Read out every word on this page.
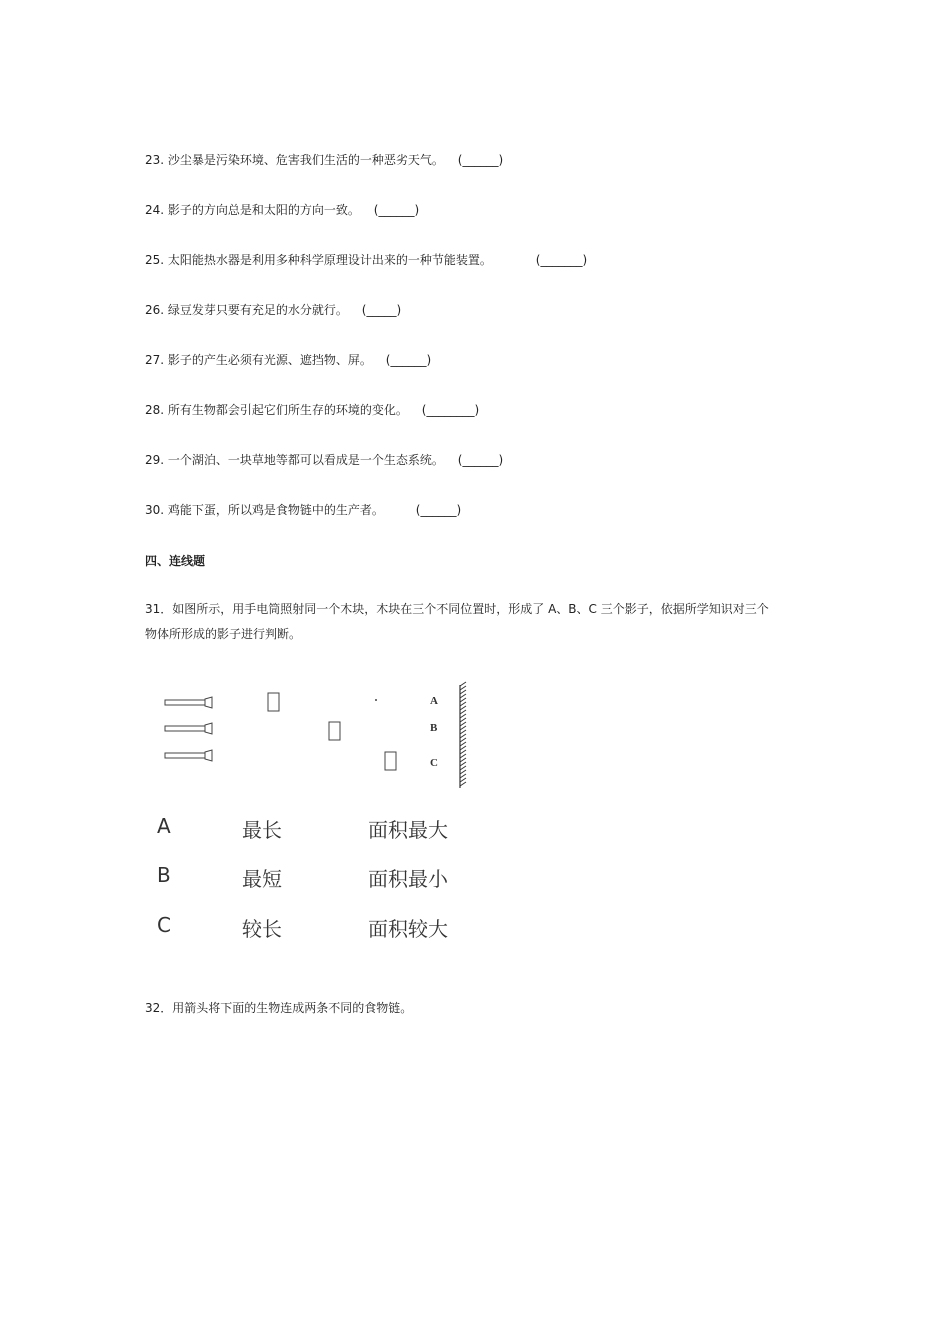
23. 沙尘暴是污染环境、危害我们生活的一种恶劣天气。 (______)
24. 影子的方向总是和太阳的方向一致。 (______)
25. 太阳能热水器是利用多种科学原理设计出来的一种节能装置。	(_______)
26. 绿豆发芽只要有充足的水分就行。 (_____)
27. 影子的产生必须有光源、遮挡物、屏。 (______)
28. 所有生物都会引起它们所生存的环境的变化。 (________)
29. 一个湖泊、一块草地等都可以看成是一个生态系统。 (______)
30. 鸡能下蛋，所以鸡是食物链中的生产者。	(______)
四、连线题
31．如图所示，用手电筒照射同一个木块，木块在三个不同位置时，形成了 A、B、C 三个影子，依据所学知识对三个
物体所形成的影子进行判断。
A
B
C
A	最长	面积最大
B	最短	面积最小
C	较长	面积较大
32．用箭头将下面的生物连成两条不同的食物链。
